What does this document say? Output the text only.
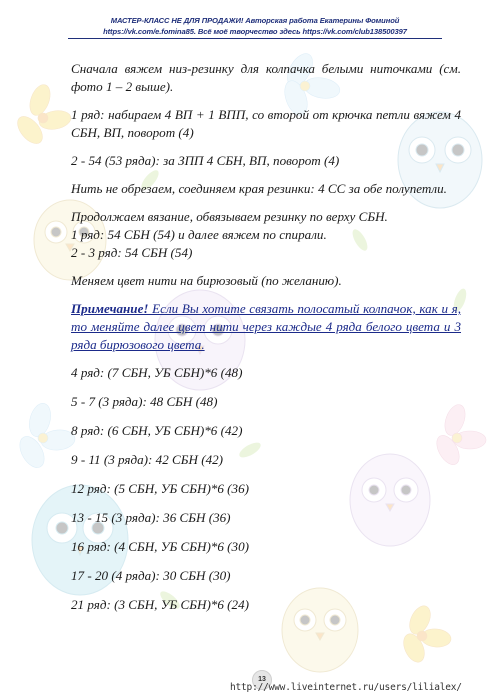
МАСТЕР-КЛАСС НЕ ДЛЯ ПРОДАЖИ! Авторская работа Екатерины Фоминой
https://vk.com/e.fomina85. Всё моё творчество здесь https://vk.com/club138500397

Сначала вяжем низ-резинку для колпачка белыми ниточками (см. фото 1 – 2 выше).

1 ряд: набираем 4 ВП + 1 ВПП, со второй от крючка петли вяжем 4 СБН, ВП, поворот (4)

2 - 54 (53 ряда): за ЗПП 4 СБН, ВП, поворот (4)

Нить не обрезаем, соединяем края резинки: 4 СС за обе полупетли.

Продолжаем вязание, обвязываем резинку по верху СБН.

1 ряд: 54 СБН (54) и далее вяжем по спирали.

2 - 3 ряд: 54 СБН (54)

Меняем цвет нити на бирюзовый (по желанию).

Примечание! Если Вы хотите связать полосатый колпачок, как и я, то меняйте далее цвет нити через каждые 4 ряда белого цвета и 3 ряда бирюзового цвета.

4 ряд: (7 СБН, УБ СБН)*6 (48)

5 - 7 (3 ряда): 48 СБН (48)

8 ряд: (6 СБН, УБ СБН)*6 (42)

9 - 11 (3 ряда): 42 СБН (42)

12 ряд: (5 СБН, УБ СБН)*6 (36)

13 - 15 (3 ряда): 36 СБН (36)

16 ряд: (4 СБН, УБ СБН)*6 (30)

17 - 20 (4 ряда): 30 СБН (30)

21 ряд: (3 СБН, УБ СБН)*6 (24)

13
http://www.liveinternet.ru/users/lilialex/
